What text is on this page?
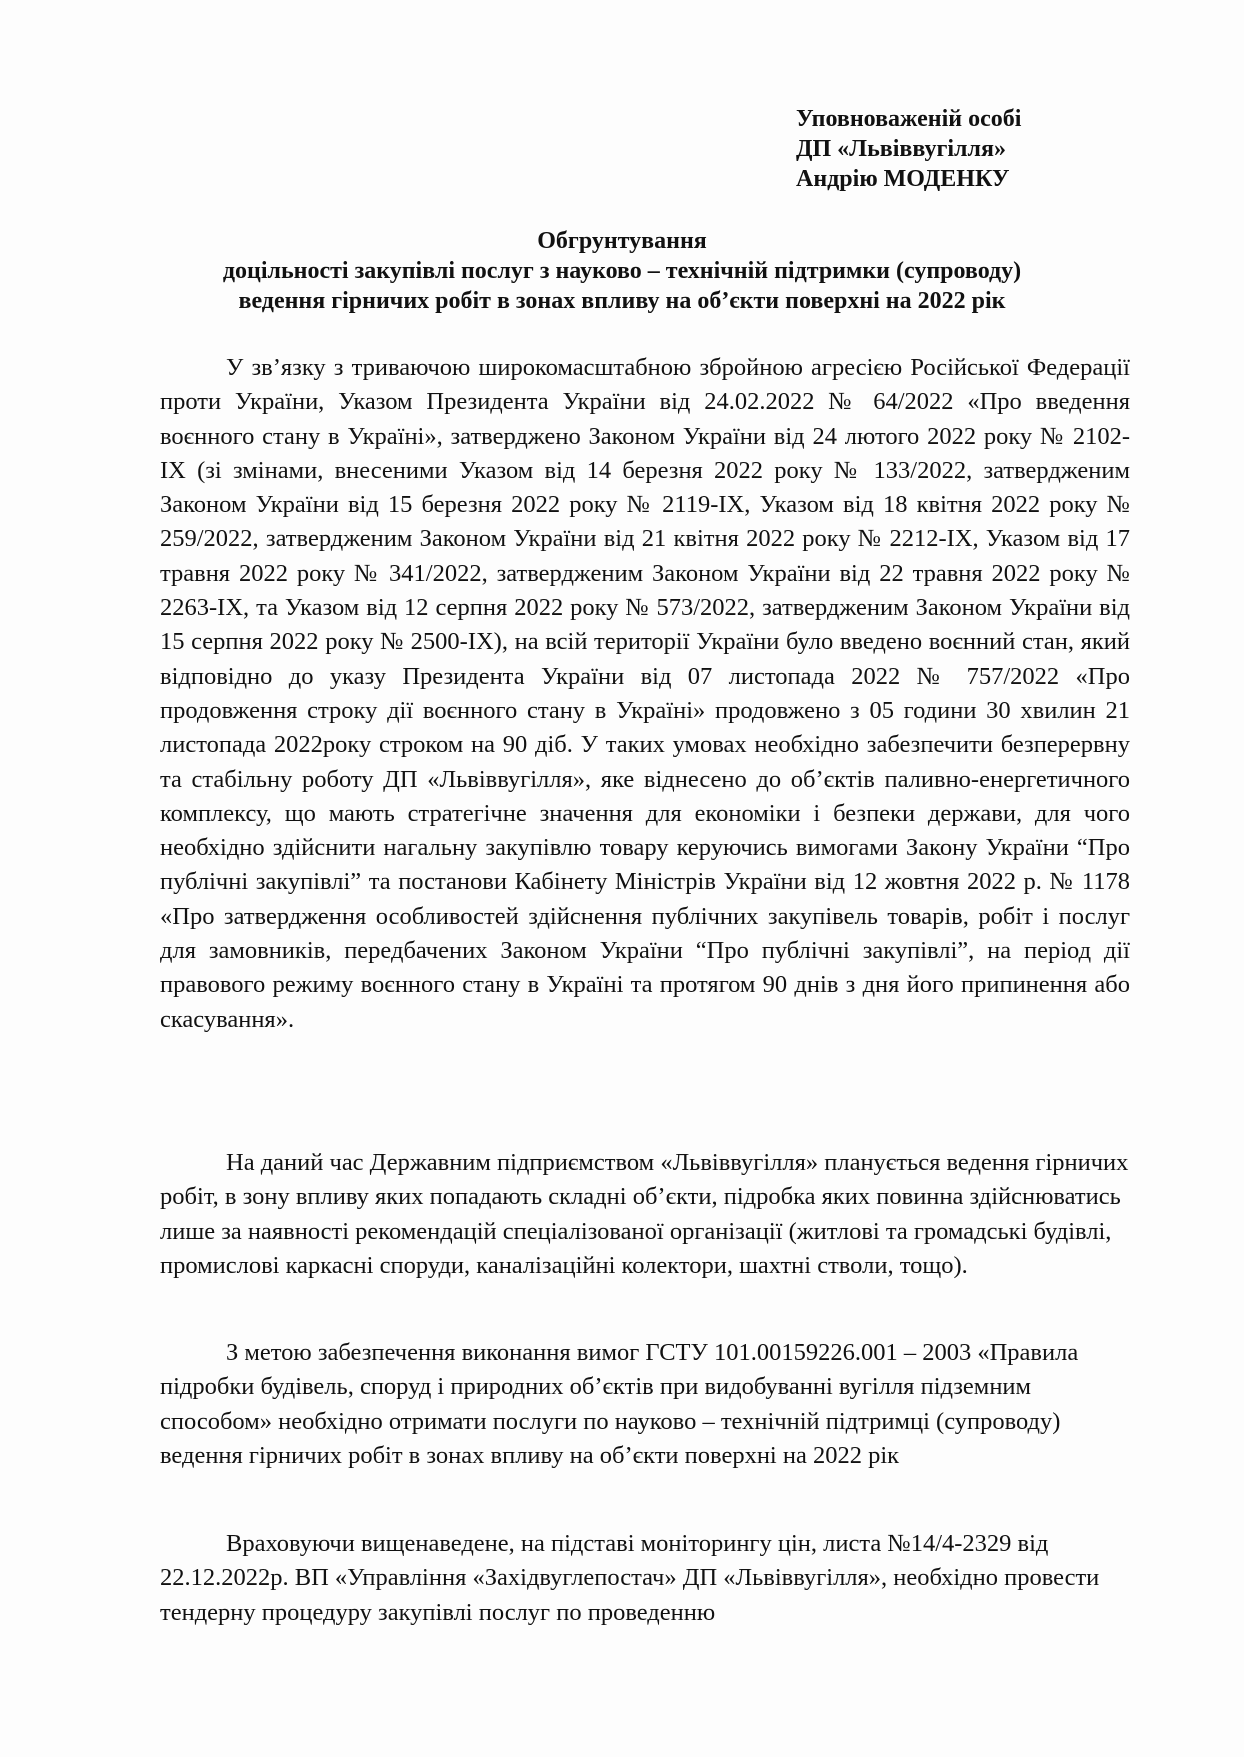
Уповноваженій особі
ДП «Львіввугілля»
Андрію МОДЕНКУ
Обгрунтування
доцільності закупівлі послуг з науково – технічній підтримки (супроводу)
ведення гірничих робіт в зонах впливу на об’єкти поверхні на 2022 рік

У зв’язку з триваючою широкомасштабною збройною агресією Російської Федерації проти України, Указом Президента України від 24.02.2022 № 64/2022 «Про введення воєнного стану в Україні», затверджено Законом України від 24 лютого 2022 року № 2102-ІХ (зі змінами, внесеними Указом від 14 березня 2022 року № 133/2022, затвердженим Законом України від 15 березня 2022 року № 2119-ІХ, Указом від 18 квітня 2022 року № 259/2022, затвердженим Законом України від 21 квітня 2022 року № 2212-ІХ, Указом від 17 травня 2022 року № 341/2022, затвердженим Законом України від 22 травня 2022 року № 2263-ІХ, та Указом від 12 серпня 2022 року № 573/2022, затвердженим Законом України від 15 серпня 2022 року № 2500-ІХ), на всій території України було введено воєнний стан, який відповідно до указу Президента України від 07 листопада 2022 № 757/2022 «Про продовження строку дії воєнного стану в Україні» продовжено з 05 години 30 хвилин 21 листопада 2022року строком на 90 діб. У таких умовах необхідно забезпечити безперервну та стабільну роботу ДП «Львіввугілля», яке віднесено до об’єктів паливно-енергетичного комплексу, що мають стратегічне значення для економіки і безпеки держави, для чого необхідно здійснити нагальну закупівлю товару керуючись вимогами Закону України “Про публічні закупівлі” та постанови Кабінету Міністрів України від 12 жовтня 2022 р. № 1178 «Про затвердження особливостей здійснення публічних закупівель товарів, робіт і послуг для замовників, передбачених Законом України “Про публічні закупівлі”, на період дії правового режиму воєнного стану в Україні та протягом 90 днів з дня його припинення або скасування».

На даний час Державним підприємством «Львіввугілля» планується ведення гірничих робіт, в зону впливу яких попадають складні об’єкти, підробка яких повинна здійснюватись лише за наявності рекомендацій спеціалізованої організації (житлові та громадські будівлі, промислові каркасні споруди, каналізаційні колектори, шахтні стволи, тощо).

З метою забезпечення виконання вимог ГСТУ 101.00159226.001 – 2003 «Правила підробки будівель, споруд і природних об’єктів при видобуванні вугілля підземним способом» необхідно отримати послуги по науково – технічній підтримці (супроводу) ведення гірничих робіт в зонах впливу на об’єкти поверхні на 2022 рік

Враховуючи вищенаведене, на підставі моніторингу цін, листа №14/4-2329 від 22.12.2022р. ВП «Управління «Західвуглепостач» ДП «Львіввугілля», необхідно провести тендерну процедуру закупівлі послуг по проведенню
